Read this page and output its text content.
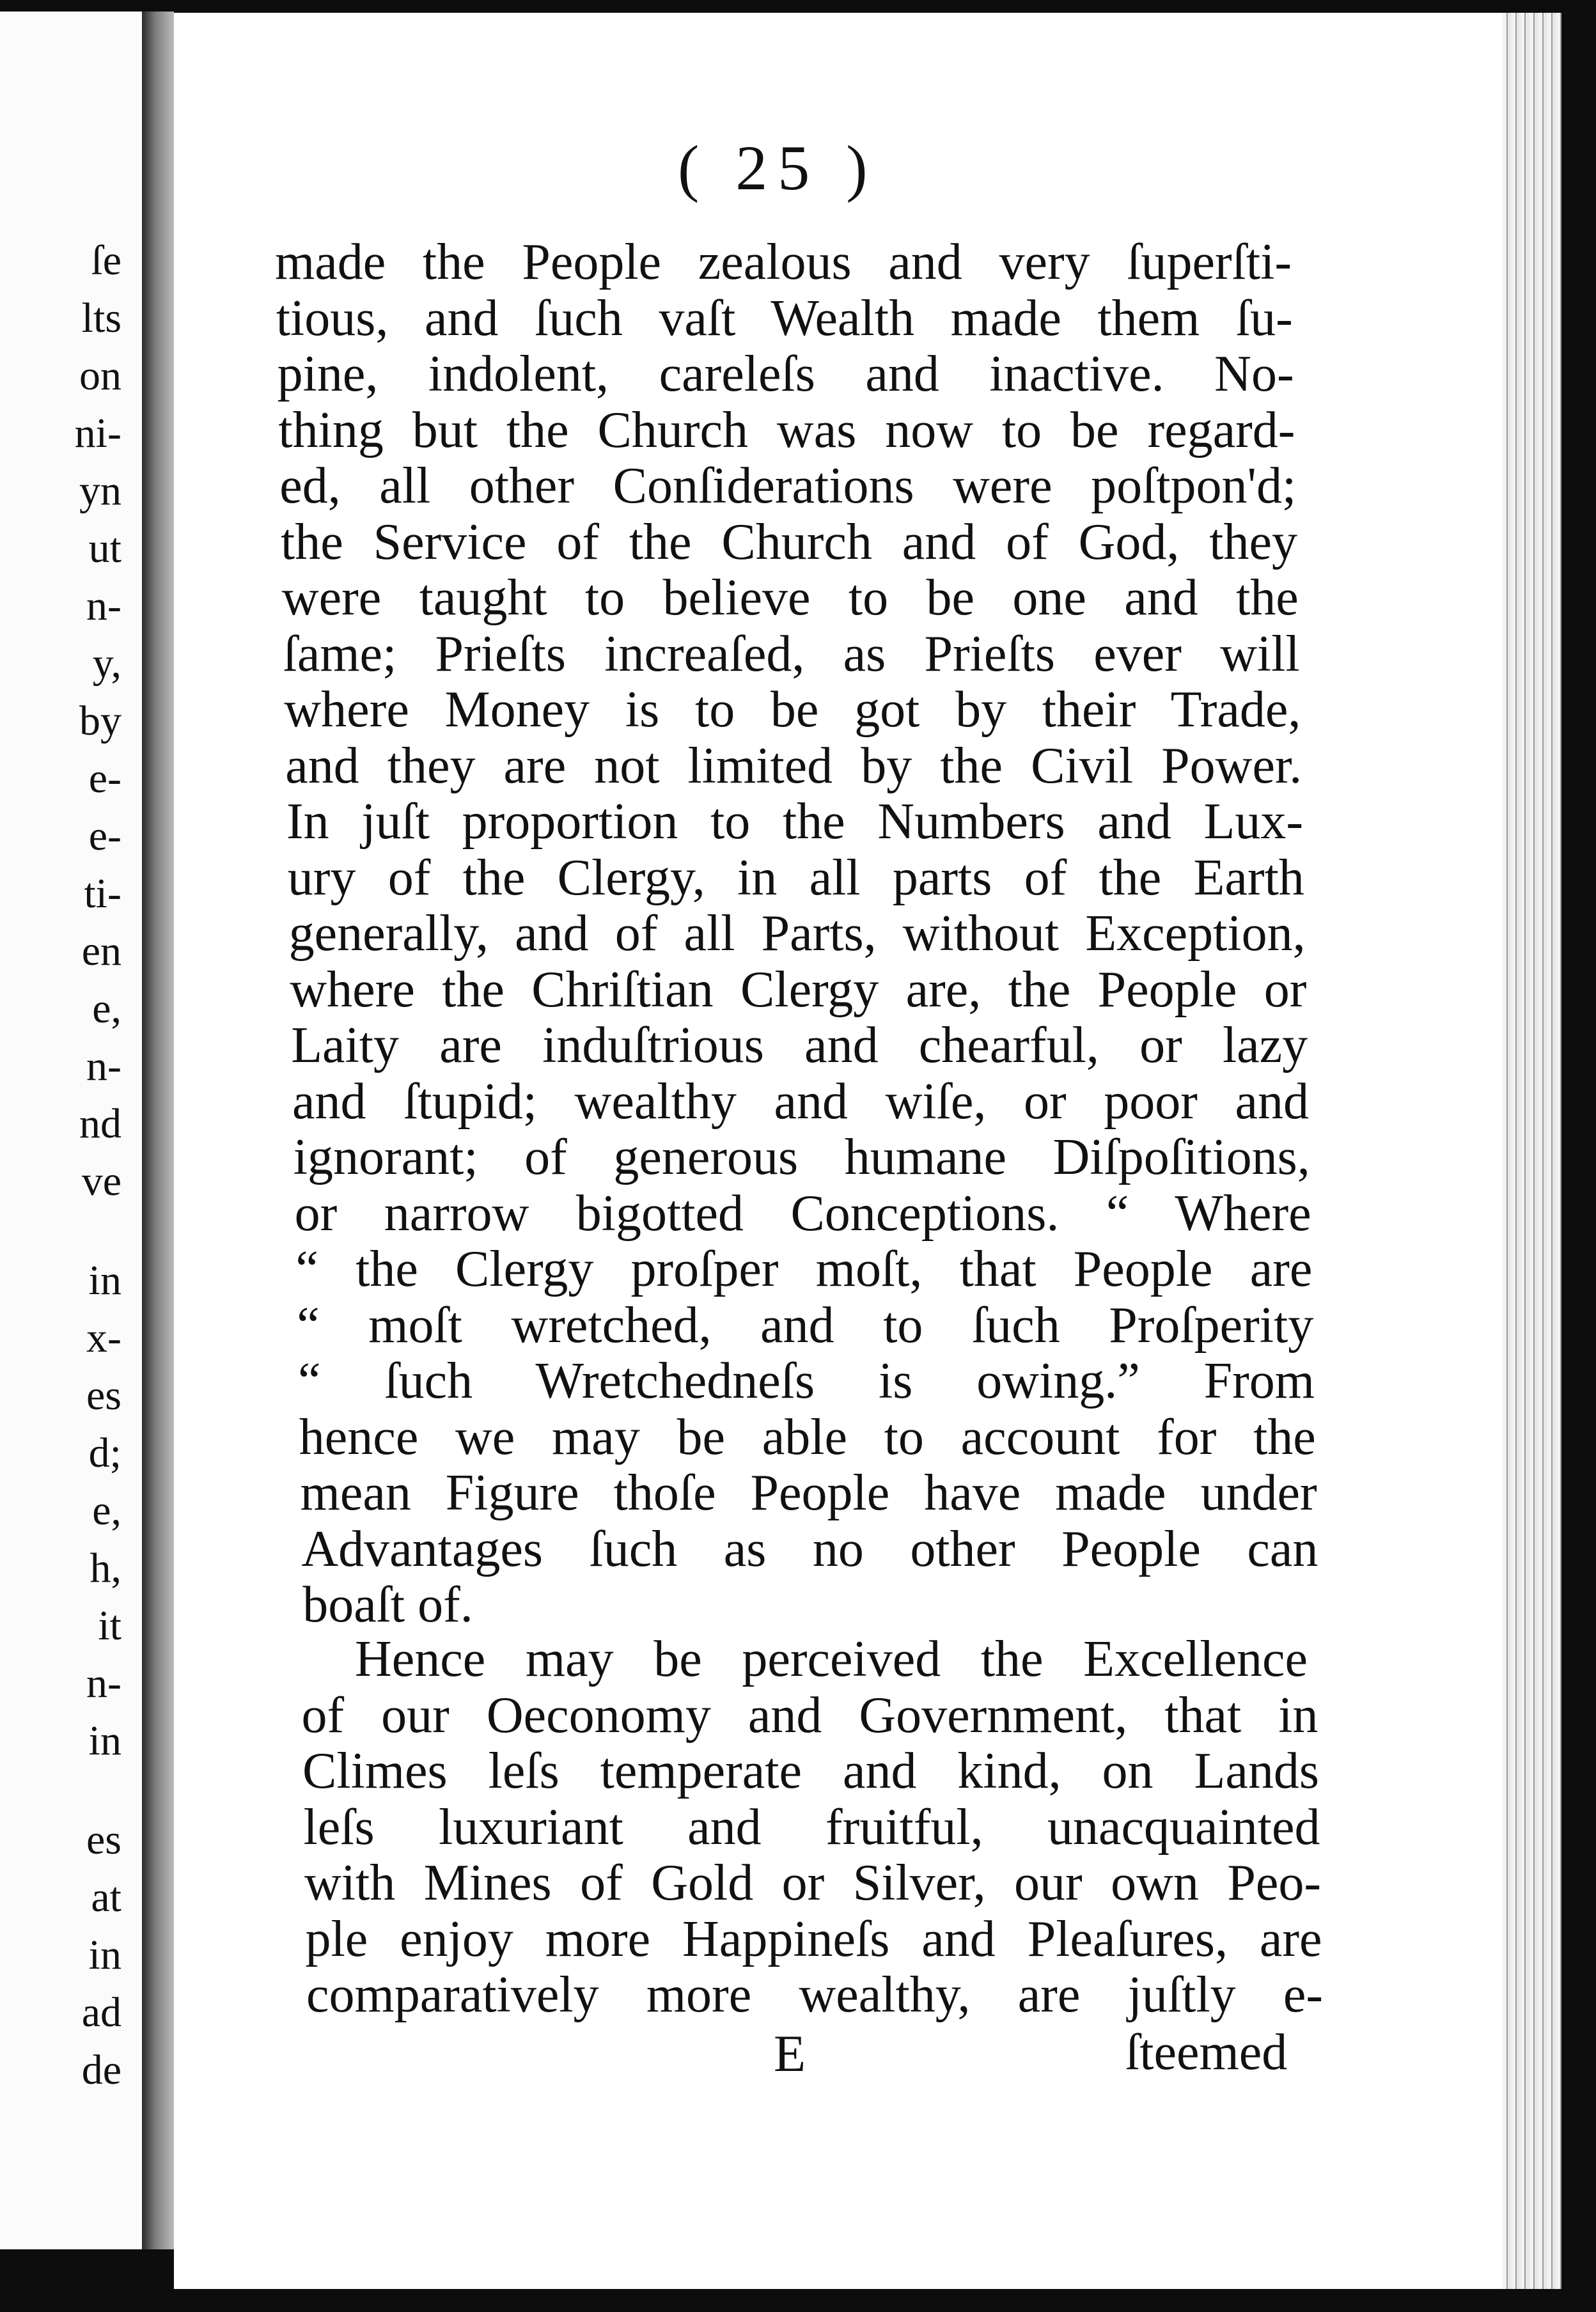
ſe
lts
on
ni-
yn
ut
n-
y,
by
e-
e-
ti-
en
e,
n-
nd
ve
in
x-
es
d;
e,
h,
it
n-
in
es
at
in
ad
de
( 25 )
made the People zealous and very ſuperſti-
tious, and ſuch vaſt Wealth made them ſu-
pine, indolent, careleſs and inactive. No-
thing but the Church was now to be regard-
ed, all other Conſiderations were poſtpon'd;
the Service of the Church and of God, they
were taught to believe to be one and the
ſame; Prieſts increaſed, as Prieſts ever will
where Money is to be got by their Trade,
and they are not limited by the Civil Power.
In juſt proportion to the Numbers and Lux-
ury of the Clergy, in all parts of the Earth
generally, and of all Parts, without Exception,
where the Chriſtian Clergy are, the People or
Laity are induſtrious and chearful, or lazy
and ſtupid; wealthy and wiſe, or poor and
ignorant; of generous humane Diſpoſitions,
or narrow bigotted Conceptions. “ Where
“ the Clergy proſper moſt, that People are
“ moſt wretched, and to ſuch Proſperity
“ ſuch Wretchedneſs is owing.” From
hence we may be able to account for the
mean Figure thoſe People have made under
Advantages ſuch as no other People can
boaſt of.
Hence may be perceived the Excellence
of our Oeconomy and Government, that in
Climes leſs temperate and kind, on Lands
leſs luxuriant and fruitful, unacquainted
with Mines of Gold or Silver, our own Peo-
ple enjoy more Happineſs and Pleaſures, are
comparatively more wealthy, are juſtly e-
E	ſteemed
